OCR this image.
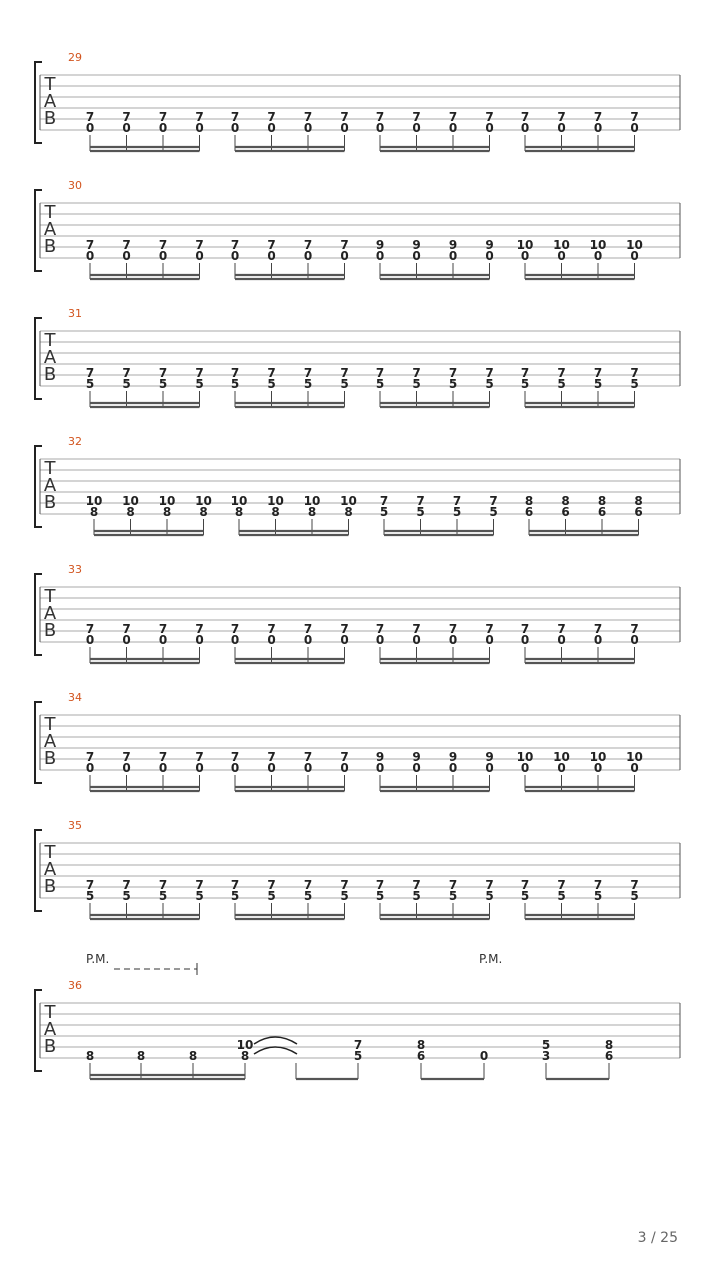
T
A
B
29
7
0
7
0
7
0
7
0
7
0
7
0
7
0
7
0
7
0
7
0
7
0
7
0
7
0
7
0
7
0
7
0
T
A
B
30
7
0
7
0
7
0
7
0
7
0
7
0
7
0
7
0
9
0
9
0
9
0
9
0
10
0
10
0
10
0
10
0
T
A
B
31
7
5
7
5
7
5
7
5
7
5
7
5
7
5
7
5
7
5
7
5
7
5
7
5
7
5
7
5
7
5
7
5
T
A
B
32
10
8
10
8
10
8
10
8
10
8
10
8
10
8
10
8
7
5
7
5
7
5
7
5
8
6
8
6
8
6
8
6
T
A
B
33
7
0
7
0
7
0
7
0
7
0
7
0
7
0
7
0
7
0
7
0
7
0
7
0
7
0
7
0
7
0
7
0
T
A
B
34
7
0
7
0
7
0
7
0
7
0
7
0
7
0
7
0
9
0
9
0
9
0
9
0
10
0
10
0
10
0
10
0
T
A
B
35
7
5
7
5
7
5
7
5
7
5
7
5
7
5
7
5
7
5
7
5
7
5
7
5
7
5
7
5
7
5
7
5
T
A
B
36
8	8	8
10
8
7
5
8
6	0
5
3
8
6
P.M.	P.M.
3 / 25
